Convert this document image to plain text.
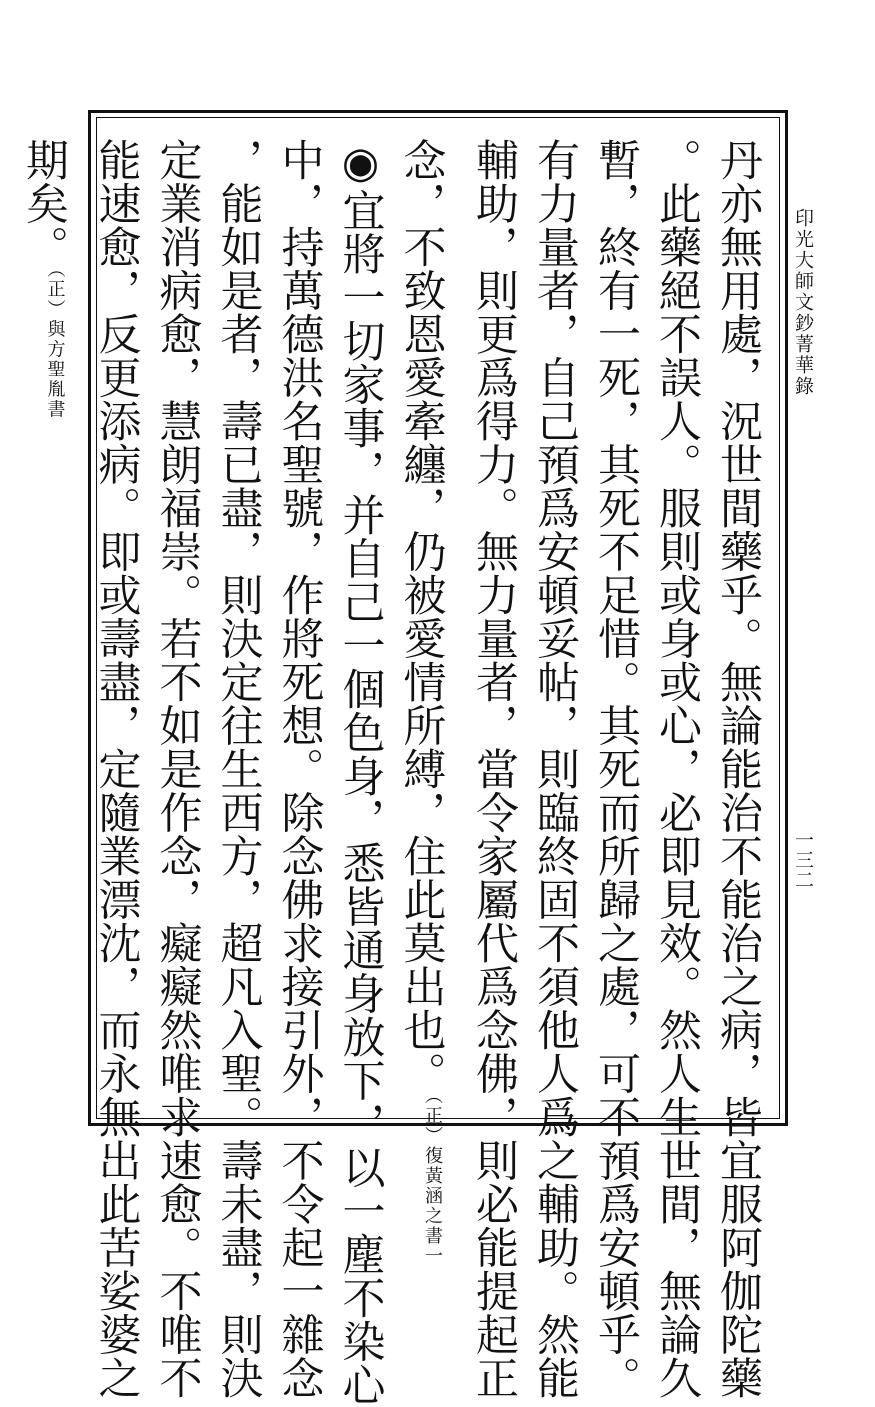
印光大師文鈔菁華錄
一三二
丹亦無用處，況世間藥乎。無論能治不能治之病，皆宜服阿伽陀藥
。此藥絕不誤人。服則或身或心，必即見效。然人生世間，無論久
暫，終有一死，其死不足惜。其死而所歸之處，可不預爲安頓乎。
有力量者，自己預爲安頓妥帖，則臨終固不須他人爲之輔助。然能
輔助，則更爲得力。無力量者，當令家屬代爲念佛，則必能提起正
念，不致恩愛牽纏，仍被愛情所縛，住此莫出也。（正）復黃涵之書一
◉宜將一切家事，并自己一個色身，悉皆通身放下，以一塵不染心
中，持萬德洪名聖號，作將死想。除念佛求接引外，不令起一雜念
，能如是者，壽已盡，則決定往生西方，超凡入聖。壽未盡，則決
定業消病愈，慧朗福崇。若不如是作念，癡癡然唯求速愈。不唯不
能速愈，反更添病。即或壽盡，定隨業漂沈，而永無出此苦娑婆之
期矣。（正）與方聖胤書
